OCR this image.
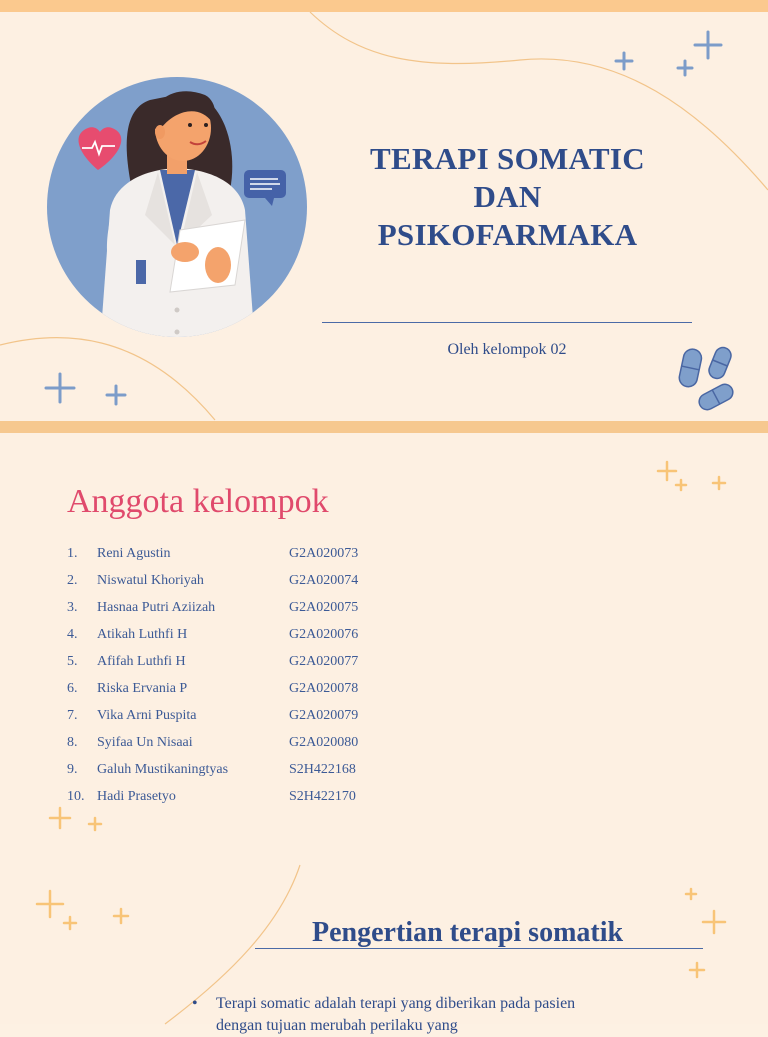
TERAPI SOMATIC
DAN
PSIKOFARMAKA
Oleh kelompok 02
Anggota kelompok
1.	Reni Agustin	G2A020073
2.	Niswatul Khoriyah	G2A020074
3.	Hasnaa Putri Aziizah	G2A020075
4.	Atikah Luthfi H	G2A020076
5.	Afifah Luthfi H	G2A020077
6.	Riska Ervania P	G2A020078
7.	Vika Arni Puspita	G2A020079
8.	Syifaa Un Nisaai	G2A020080
9.	Galuh Mustikaningtyas	S2H422168
10. Hadi Prasetyo	S2H422170
Pengertian terapi somatik
• Terapi somatic adalah terapi yang diberikan pada pasien dengan tujuan merubah perilaku yang
